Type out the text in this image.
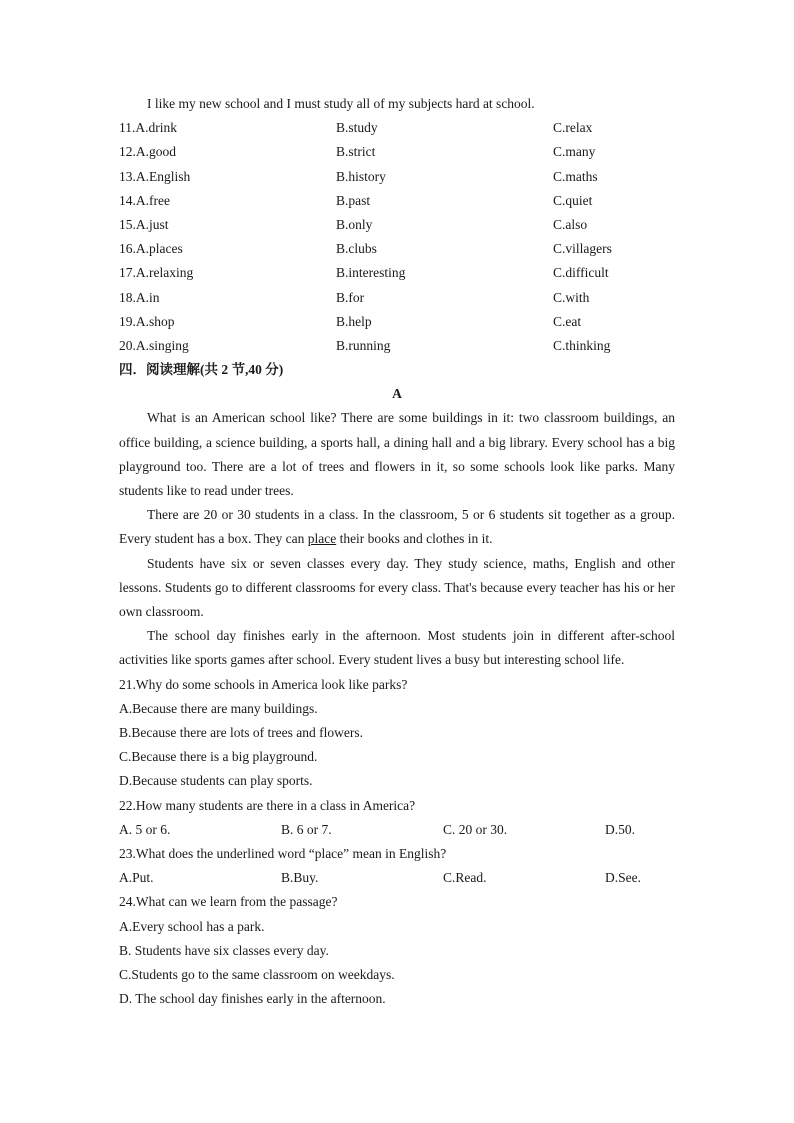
I like my new school and I must study all of my subjects hard at school.
11.A.drink	B.study	C.relax
12.A.good	B.strict	C.many
13.A.English	B.history	C.maths
14.A.free	B.past	C.quiet
15.A.just	B.only	C.also
16.A.places	B.clubs	C.villagers
17.A.relaxing	B.interesting	C.difficult
18.A.in	B.for	C.with
19.A.shop	B.help	C.eat
20.A.singing	B.running	C.thinking
四．阅读理解(共 2 节,40 分)
A
What is an American school like? There are some buildings in it: two classroom buildings, an office building, a science building, a sports hall, a dining hall and a big library. Every school has a big playground too. There are a lot of trees and flowers in it, so some schools look like parks. Many students like to read under trees.
There are 20 or 30 students in a class. In the classroom, 5 or 6 students sit together as a group. Every student has a box. They can place their books and clothes in it.
Students have six or seven classes every day. They study science, maths, English and other lessons. Students go to different classrooms for every class. That's because every teacher has his or her own classroom.
The school day finishes early in the afternoon. Most students join in different after-school activities like sports games after school. Every student lives a busy but interesting school life.
21.Why do some schools in America look like parks?
A.Because there are many buildings.
B.Because there are lots of trees and flowers.
C.Because there is a big playground.
D.Because students can play sports.
22.How many students are there in a class in America?
A. 5 or 6.	B. 6 or 7.	C. 20 or 30.	D.50.
23.What does the underlined word “place” mean in English?
A.Put.	B.Buy.	C.Read.	D.See.
24.What can we learn from the passage?
A.Every school has a park.
B. Students have six classes every day.
C.Students go to the same classroom on weekdays.
D. The school day finishes early in the afternoon.
